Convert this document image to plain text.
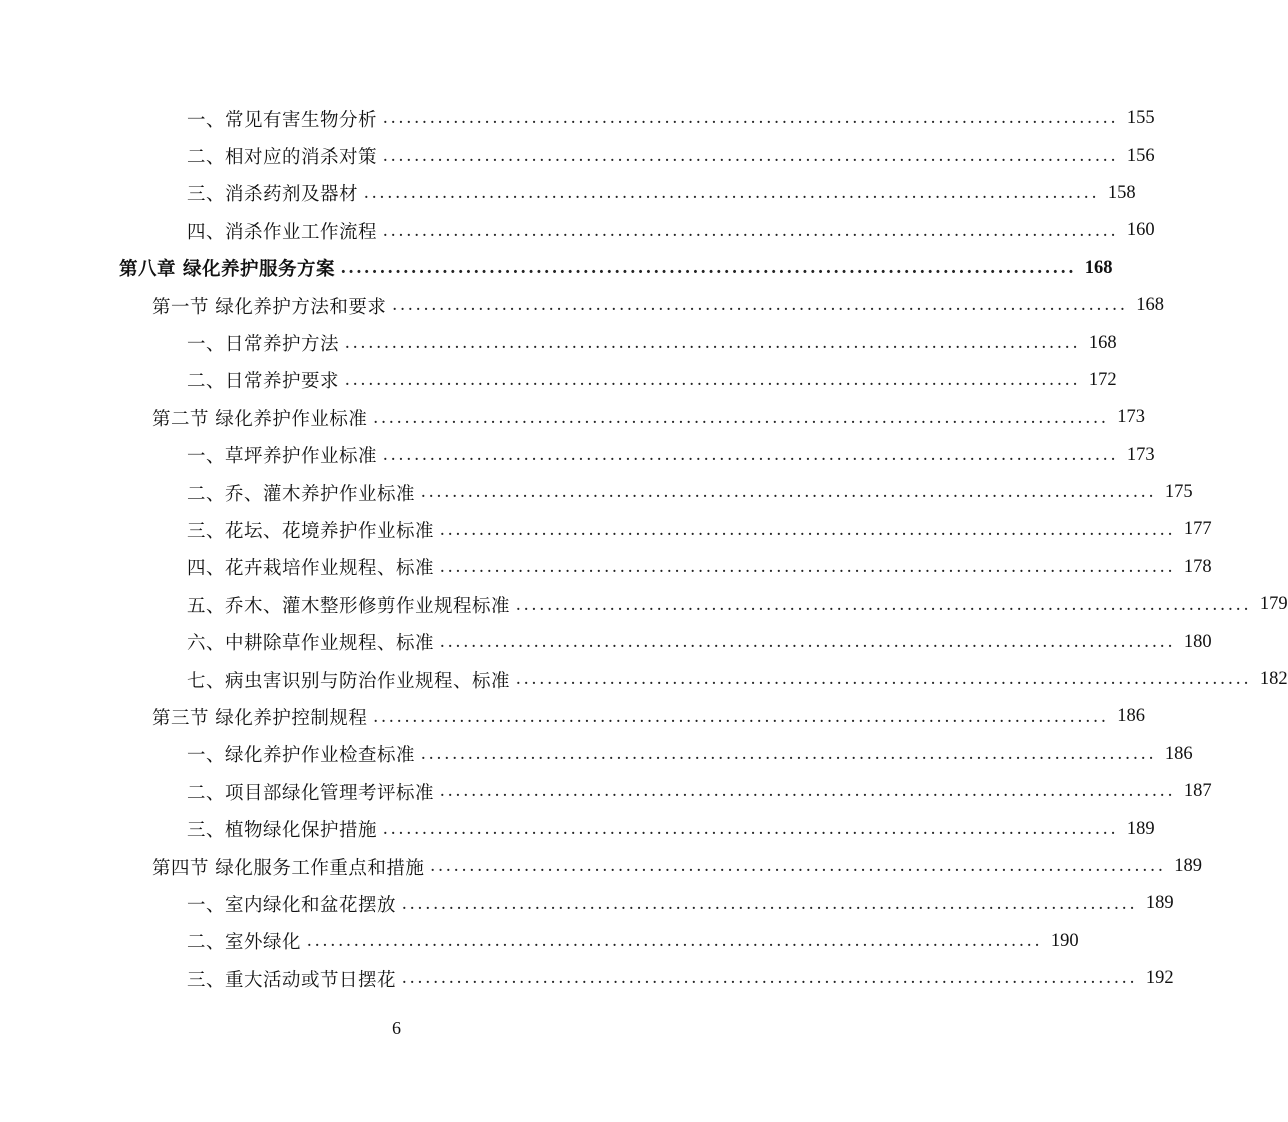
一、常见有害生物分析 .............................................................................................. 155
二、相对应的消杀对策 .............................................................................................. 156
三、消杀药剂及器材 .............................................................................................. 158
四、消杀作业工作流程 .............................................................................................. 160
第八章 绿化养护服务方案 .............................................................................................. 168
第一节 绿化养护方法和要求 .............................................................................................. 168
一、日常养护方法 .............................................................................................. 168
二、日常养护要求 .............................................................................................. 172
第二节 绿化养护作业标准 .............................................................................................. 173
一、草坪养护作业标准 .............................................................................................. 173
二、乔、灌木养护作业标准 .............................................................................................. 175
三、花坛、花境养护作业标准 .............................................................................................. 177
四、花卉栽培作业规程、标准 .............................................................................................. 178
五、乔木、灌木整形修剪作业规程标准 .............................................................................................. 179
六、中耕除草作业规程、标准 .............................................................................................. 180
七、病虫害识别与防治作业规程、标准 .............................................................................................. 182
第三节 绿化养护控制规程 .............................................................................................. 186
一、绿化养护作业检查标准 .............................................................................................. 186
二、项目部绿化管理考评标准 .............................................................................................. 187
三、植物绿化保护措施 .............................................................................................. 189
第四节 绿化服务工作重点和措施 .............................................................................................. 189
一、室内绿化和盆花摆放 .............................................................................................. 189
二、室外绿化 .............................................................................................. 190
三、重大活动或节日摆花 .............................................................................................. 192
6
